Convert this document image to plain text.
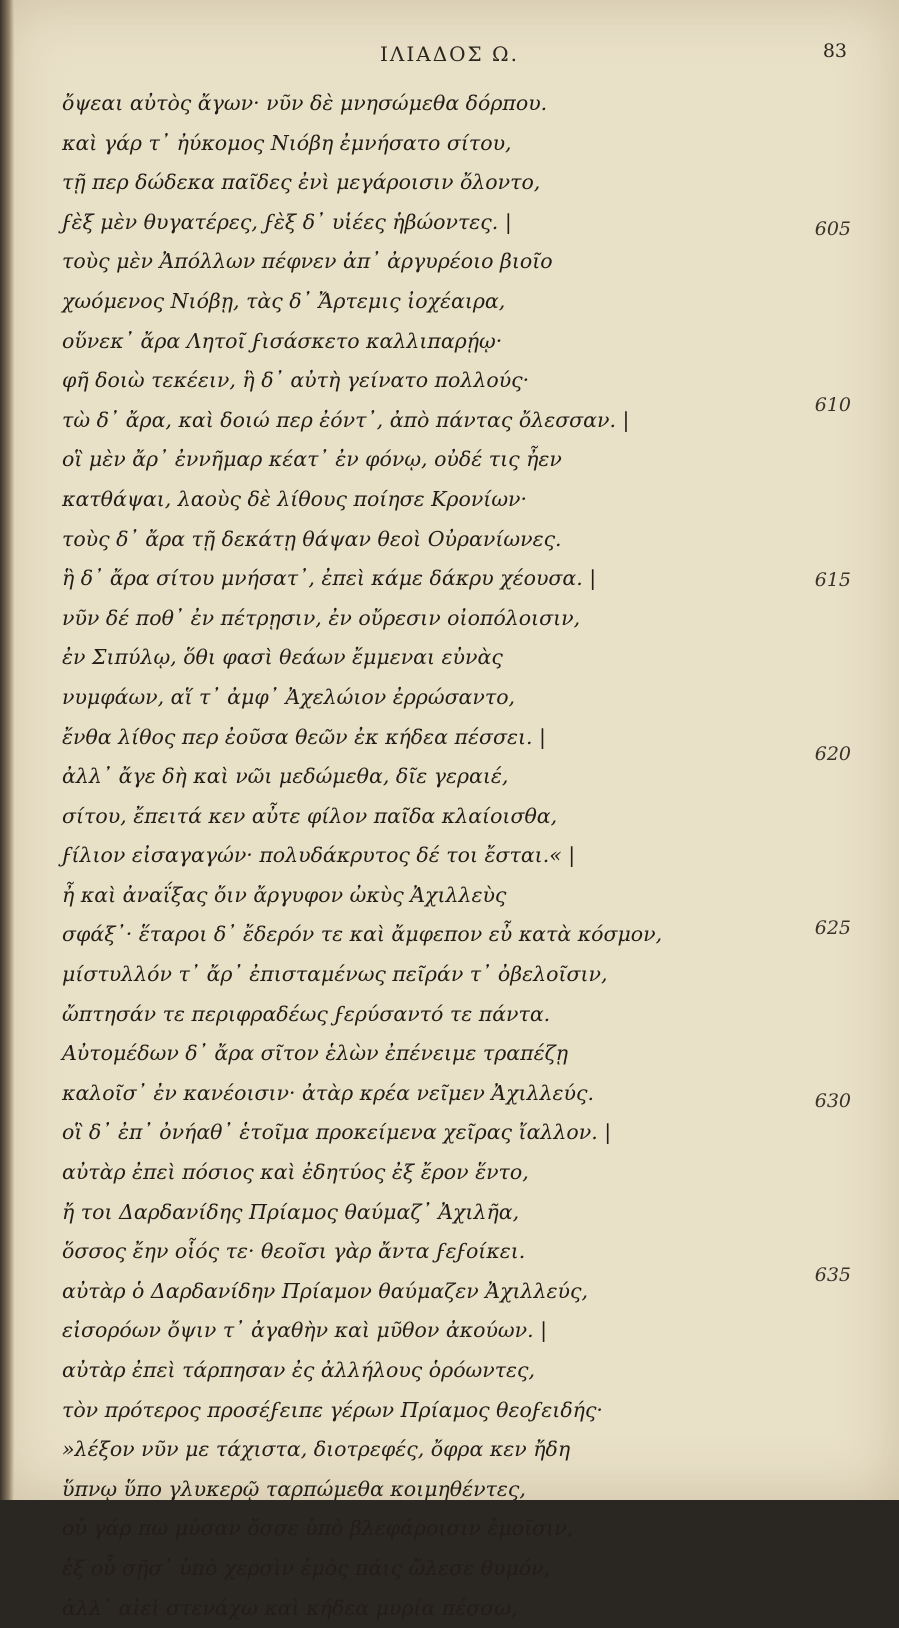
ΙΛΙΑΔΟΣ Ω.	83
ὄψεαι αὐτὸς ἄγων· νῦν δὲ μνησώμεθα δόρπου.
καὶ γάρ τ᾽ ἠύκομος Νιόβη ἐμνήσατο σίτου,
τῇ περ δώδεκα παῖδες ἐνὶ μεγάροισιν ὄλοντο,
ϝὲξ μὲν θυγατέρες, ϝὲξ δ᾽ υἱέες ἡβώοντες. |
τοὺς μὲν Ἀπόλλων πέφνεν ἀπ᾽ ἀργυρέοιο βιοῖο
χωόμενος Νιόβῃ, τὰς δ᾽ Ἄρτεμις ἰοχέαιρα,
οὕνεκ᾽ ἄρα Λητοῖ ϝισάσκετο καλλιπαρῄῳ·
φῆ δοιὼ τεκέειν, ἣ δ᾽ αὐτὴ γείνατο πολλούς·
τὼ δ᾽ ἄρα, καὶ δοιώ περ ἐόντ᾽, ἀπὸ πάντας ὄλεσσαν. |
οἳ μὲν ἄρ᾽ ἐννῆμαρ κέατ᾽ ἐν φόνῳ, οὐδέ τις ἦεν
κατθάψαι, λαοὺς δὲ λίθους ποίησε Κρονίων·
τοὺς δ᾽ ἄρα τῇ δεκάτῃ θάψαν θεοὶ Οὐρανίωνες.
ἣ δ᾽ ἄρα σίτου μνήσατ᾽, ἐπεὶ κάμε δάκρυ χέουσα. |
νῦν δέ ποθ᾽ ἐν πέτρῃσιν, ἐν οὔρεσιν οἰοπόλοισιν,
ἐν Σιπύλῳ, ὅθι φασὶ θεάων ἔμμεναι εὐνὰς
νυμφάων, αἵ τ᾽ ἀμφ᾽ Ἀχελώιον ἐρρώσαντο,
ἔνθα λίθος περ ἐοῦσα θεῶν ἐκ κήδεα πέσσει. |
ἀλλ᾽ ἄγε δὴ καὶ νῶι μεδώμεθα, δῖε γεραιέ,
σίτου, ἔπειτά κεν αὖτε φίλον παῖδα κλαίοισθα,
ϝίλιον εἰσαγαγών· πολυδάκρυτος δέ τοι ἔσται.« |
ἦ καὶ ἀναΐξας ὄιν ἄργυφον ὠκὺς Ἀχιλλεὺς
σφάξ᾽· ἕταροι δ᾽ ἔδερόν τε καὶ ἄμφεπον εὖ κατὰ κόσμον,
μίστυλλόν τ᾽ ἄρ᾽ ἐπισταμένως πεῖράν τ᾽ ὀβελοῖσιν,
ὤπτησάν τε περιφραδέως ϝερύσαντό τε πάντα.
Αὐτομέδων δ᾽ ἄρα σῖτον ἑλὼν ἐπένειμε τραπέζῃ
καλοῖσ᾽ ἐν κανέοισιν· ἀτὰρ κρέα νεῖμεν Ἀχιλλεύς.
οἳ δ᾽ ἐπ᾽ ὀνήαθ᾽ ἑτοῖμα προκείμενα χεῖρας ἴαλλον. |
αὐτὰρ ἐπεὶ πόσιος καὶ ἐδητύος ἐξ ἔρον ἕντο,
ἤ τοι Δαρδανίδης Πρίαμος θαύμαζ᾽ Ἀχιλῆα,
ὅσσος ἔην οἷός τε· θεοῖσι γὰρ ἄντα ϝεϝοίκει.
αὐτὰρ ὁ Δαρδανίδην Πρίαμον θαύμαζεν Ἀχιλλεύς,
εἰσορόων ὄψιν τ᾽ ἀγαθὴν καὶ μῦθον ἀκούων. |
αὐτὰρ ἐπεὶ τάρπησαν ἐς ἀλλήλους ὁρόωντες,
τὸν πρότερος προσέϝειπε γέρων Πρίαμος θεοϝειδής·
»λέξον νῦν με τάχιστα, διοτρεφές, ὄφρα κεν ἤδη
ὕπνῳ ὕπο γλυκερῷ ταρπώμεθα κοιμηθέντες,
οὐ γάρ πω μύσαν ὄσσε ὑπὸ βλεφάροισιν ἐμοῖσιν,
ἐξ οὗ σῇσ᾽ ὑπὸ χερσὶν ἐμὸς πάις ὤλεσε θυμόν,
ἀλλ᾽ αἰεὶ στενάχω καὶ κήδεα μυρία πέσσω,
605
610
615
620
625
630
635
